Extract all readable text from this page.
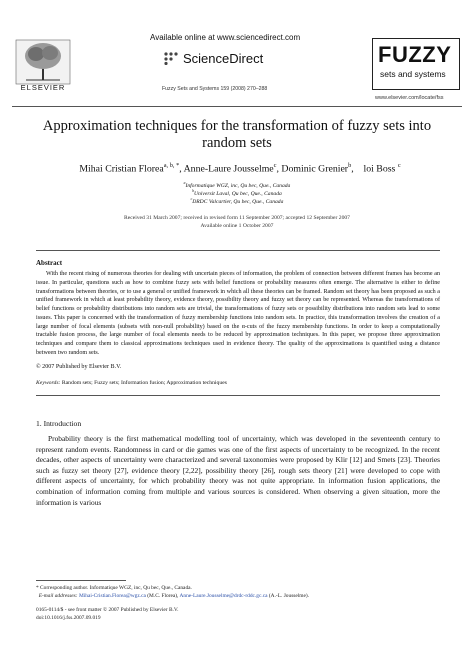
ELSEVIER
Available online at www.sciencedirect.com
ScienceDirect
Fuzzy Sets and Systems 159 (2008) 270–288
FUZZY
sets and systems
www.elsevier.com/locate/fss
Approximation techniques for the transformation of fuzzy sets into random sets
Mihai Cristian Florea$^{a, b, *}$, Anne-Laure Jousselme$^c$, Dominic Grenier$^b$,    loi Boss $^c$
$^a$Informatique WGZ, inc, Qu bec, Que., Canada
$^b$Universit Laval, Qu bec, Que., Canada
$^c$DRDC Valcartier, Qu bec, Que., Canada
Received 31 March 2007; received in revised form 11 September 2007; accepted 12 September 2007
Available online 1 October 2007
Abstract
With the recent rising of numerous theories for dealing with uncertain pieces of information, the problem of connection between different frames has become an issue. In particular, questions such as how to combine fuzzy sets with belief functions or probability measures often emerge. The alternative is either to define transformations between theories, or to use a general or unified framework in which all these theories can be framed. Random set theory has been proposed as such a unified framework in which at least probability theory, evidence theory, possibility theory and fuzzy set theory can be represented. Whereas the transformations of belief functions or probability distributions into random sets are trivial, the transformations of fuzzy sets or possibility distributions into random sets lead to some issues. This paper is concerned with the transformation of fuzzy membership functions into random sets. In practice, this transformation involves the creation of a large number of focal elements (subsets with non-null probability) based on the α-cuts of the fuzzy membership functions. In order to keep a computationally tractable fusion process, the large number of focal elements needs to be reduced by approximation techniques. In this paper, we propose three approximation techniques and compare them to classical approximations techniques used in evidence theory. The quality of the approximations is quantified using a distance between two random sets.
© 2007 Published by Elsevier B.V.
Keywords: Random sets; Fuzzy sets; Information fusion; Approximation techniques
1. Introduction
Probability theory is the first mathematical modelling tool of uncertainty, which was developed in the seventeenth century to represent random events. Randomness in card or die games was one of the first aspects of uncertainty to be recognized. In the recent decades, other aspects of uncertainty were characterized and several taxonomies were proposed by Klir [12] and Smets [23]. Theories such as fuzzy set theory [27], evidence theory [2,22], possibility theory [26], rough sets theory [21] were developed to cope with different aspects of uncertainty, for which probability theory was not quite appropriate. In information fusion applications, the combination of information coming from multiple and various sources is considered. When observing a given situation, more the information is various
* Corresponding author. Informatique WGZ, inc, Qu bec, Que., Canada.
E-mail addresses: Mihai-Cristian.Florea@wgz.ca (M.C. Florea), Anne-Laure.Jousselme@drdc-rddc.gc.ca (A.-L. Jousselme).
0165-0114/$ - see front matter © 2007 Published by Elsevier B.V.
doi:10.1016/j.fss.2007.09.019
